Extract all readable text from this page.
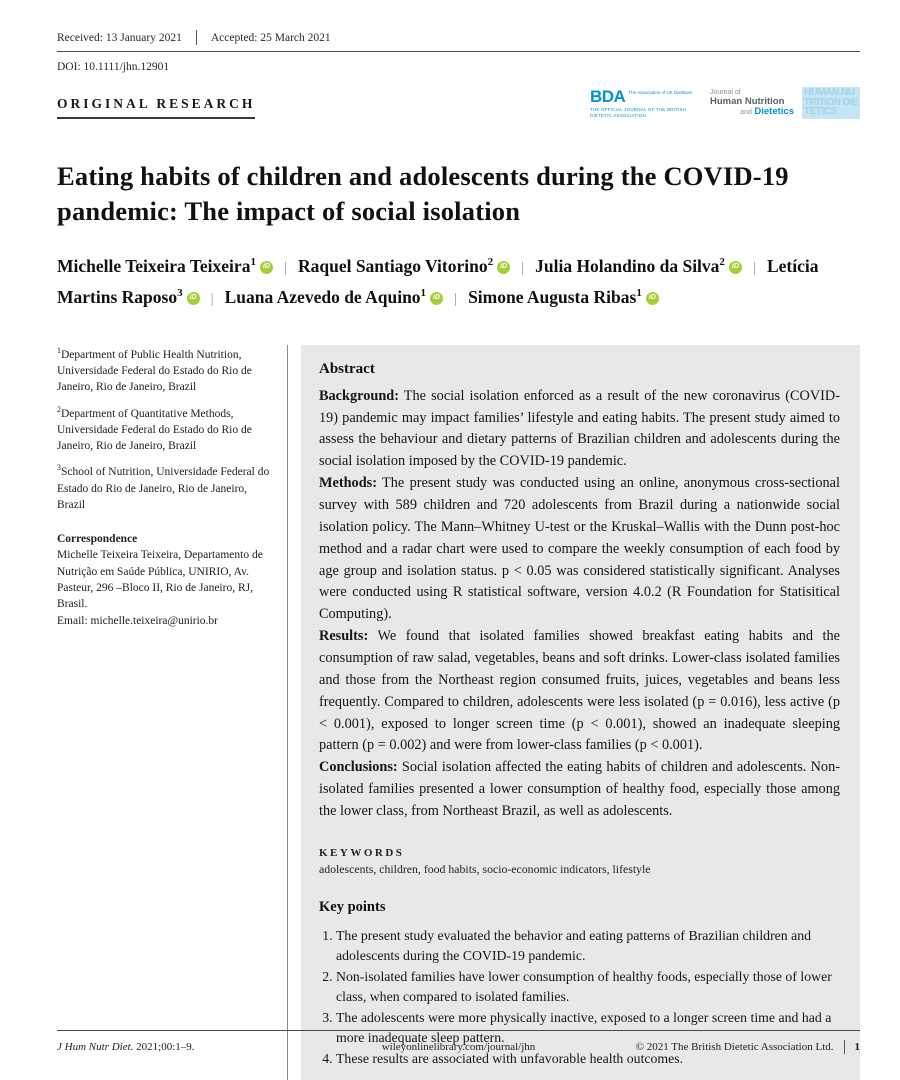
Received: 13 January 2021	Accepted: 25 March 2021
DOI: 10.1111/jhn.12901
ORIGINAL RESEARCH	BDA The Association of UK Dietitians
THE OFFICIAL JOURNAL OF THE BRITISH DIETETIC ASSOCIATION
Journal of
Human Nutrition
and Dietetics
HUMAN NUTRITION DIETETICS
Eating habits of children and adolescents during the COVID-19 pandemic: The impact of social isolation
Michelle Teixeira Teixeira$^1$ iD | Raquel Santiago Vitorino$^2$ iD | Julia Holandino da Silva$^2$ iD | Letícia Martins Raposo$^3$ iD | Luana Azevedo de Aquino$^1$ iD | Simone Augusta Ribas$^1$ iD
$^1$Department of Public Health Nutrition, Universidade Federal do Estado do Rio de Janeiro, Rio de Janeiro, Brazil
$^2$Department of Quantitative Methods, Universidade Federal do Estado do Rio de Janeiro, Rio de Janeiro, Brazil
$^3$School of Nutrition, Universidade Federal do Estado do Rio de Janeiro, Rio de Janeiro, Brazil
Correspondence
Michelle Teixeira Teixeira, Departamento de Nutrição em Saúde Pública, UNIRIO, Av. Pasteur, 296 –Bloco II, Rio de Janeiro, RJ, Brasil.
Email: michelle.teixeira@unirio.br
Abstract

Background: The social isolation enforced as a result of the new coronavirus (COVID-19) pandemic may impact families’ lifestyle and eating habits. The present study aimed to assess the behaviour and dietary patterns of Brazilian children and adolescents during the social isolation imposed by the COVID-19 pandemic.

Methods: The present study was conducted using an online, anonymous cross-sectional survey with 589 children and 720 adolescents from Brazil during a nationwide social isolation policy. The Mann–Whitney U-test or the Kruskal–Wallis with the Dunn post-hoc method and a radar chart were used to compare the weekly consumption of each food by age group and isolation status. p < 0.05 was considered statistically significant. Analyses were conducted using R statistical software, version 4.0.2 (R Foundation for Statisitical Computing).

Results: We found that isolated families showed breakfast eating habits and the consumption of raw salad, vegetables, beans and soft drinks. Lower-class isolated families and those from the Northeast region consumed fruits, juices, vegetables and beans less frequently. Compared to children, adolescents were less isolated (p = 0.016), less active (p < 0.001), exposed to longer screen time (p < 0.001), showed an inadequate sleeping pattern (p = 0.002) and were from lower-class families (p < 0.001).

Conclusions: Social isolation affected the eating habits of children and adolescents. Non-isolated families presented a lower consumption of healthy food, especially those among the lower class, from Northeast Brazil, as well as adolescents.

KEYWORDS
adolescents, children, food habits, socio-economic indicators, lifestyle
Key points
1. The present study evaluated the behavior and eating patterns of Brazilian children and adolescents during the COVID-19 pandemic.
2. Non-isolated families have lower consumption of healthy foods, especially those of lower class, when compared to isolated families.
3. The adolescents were more physically inactive, exposed to a longer screen time and had a more inadequate sleep pattern.
4. These results are associated with unfavorable health outcomes.
J Hum Nutr Diet. 2021;00:1–9.	wileyonlinelibrary.com/journal/jhn	© 2021 The British Dietetic Association Ltd. 1
